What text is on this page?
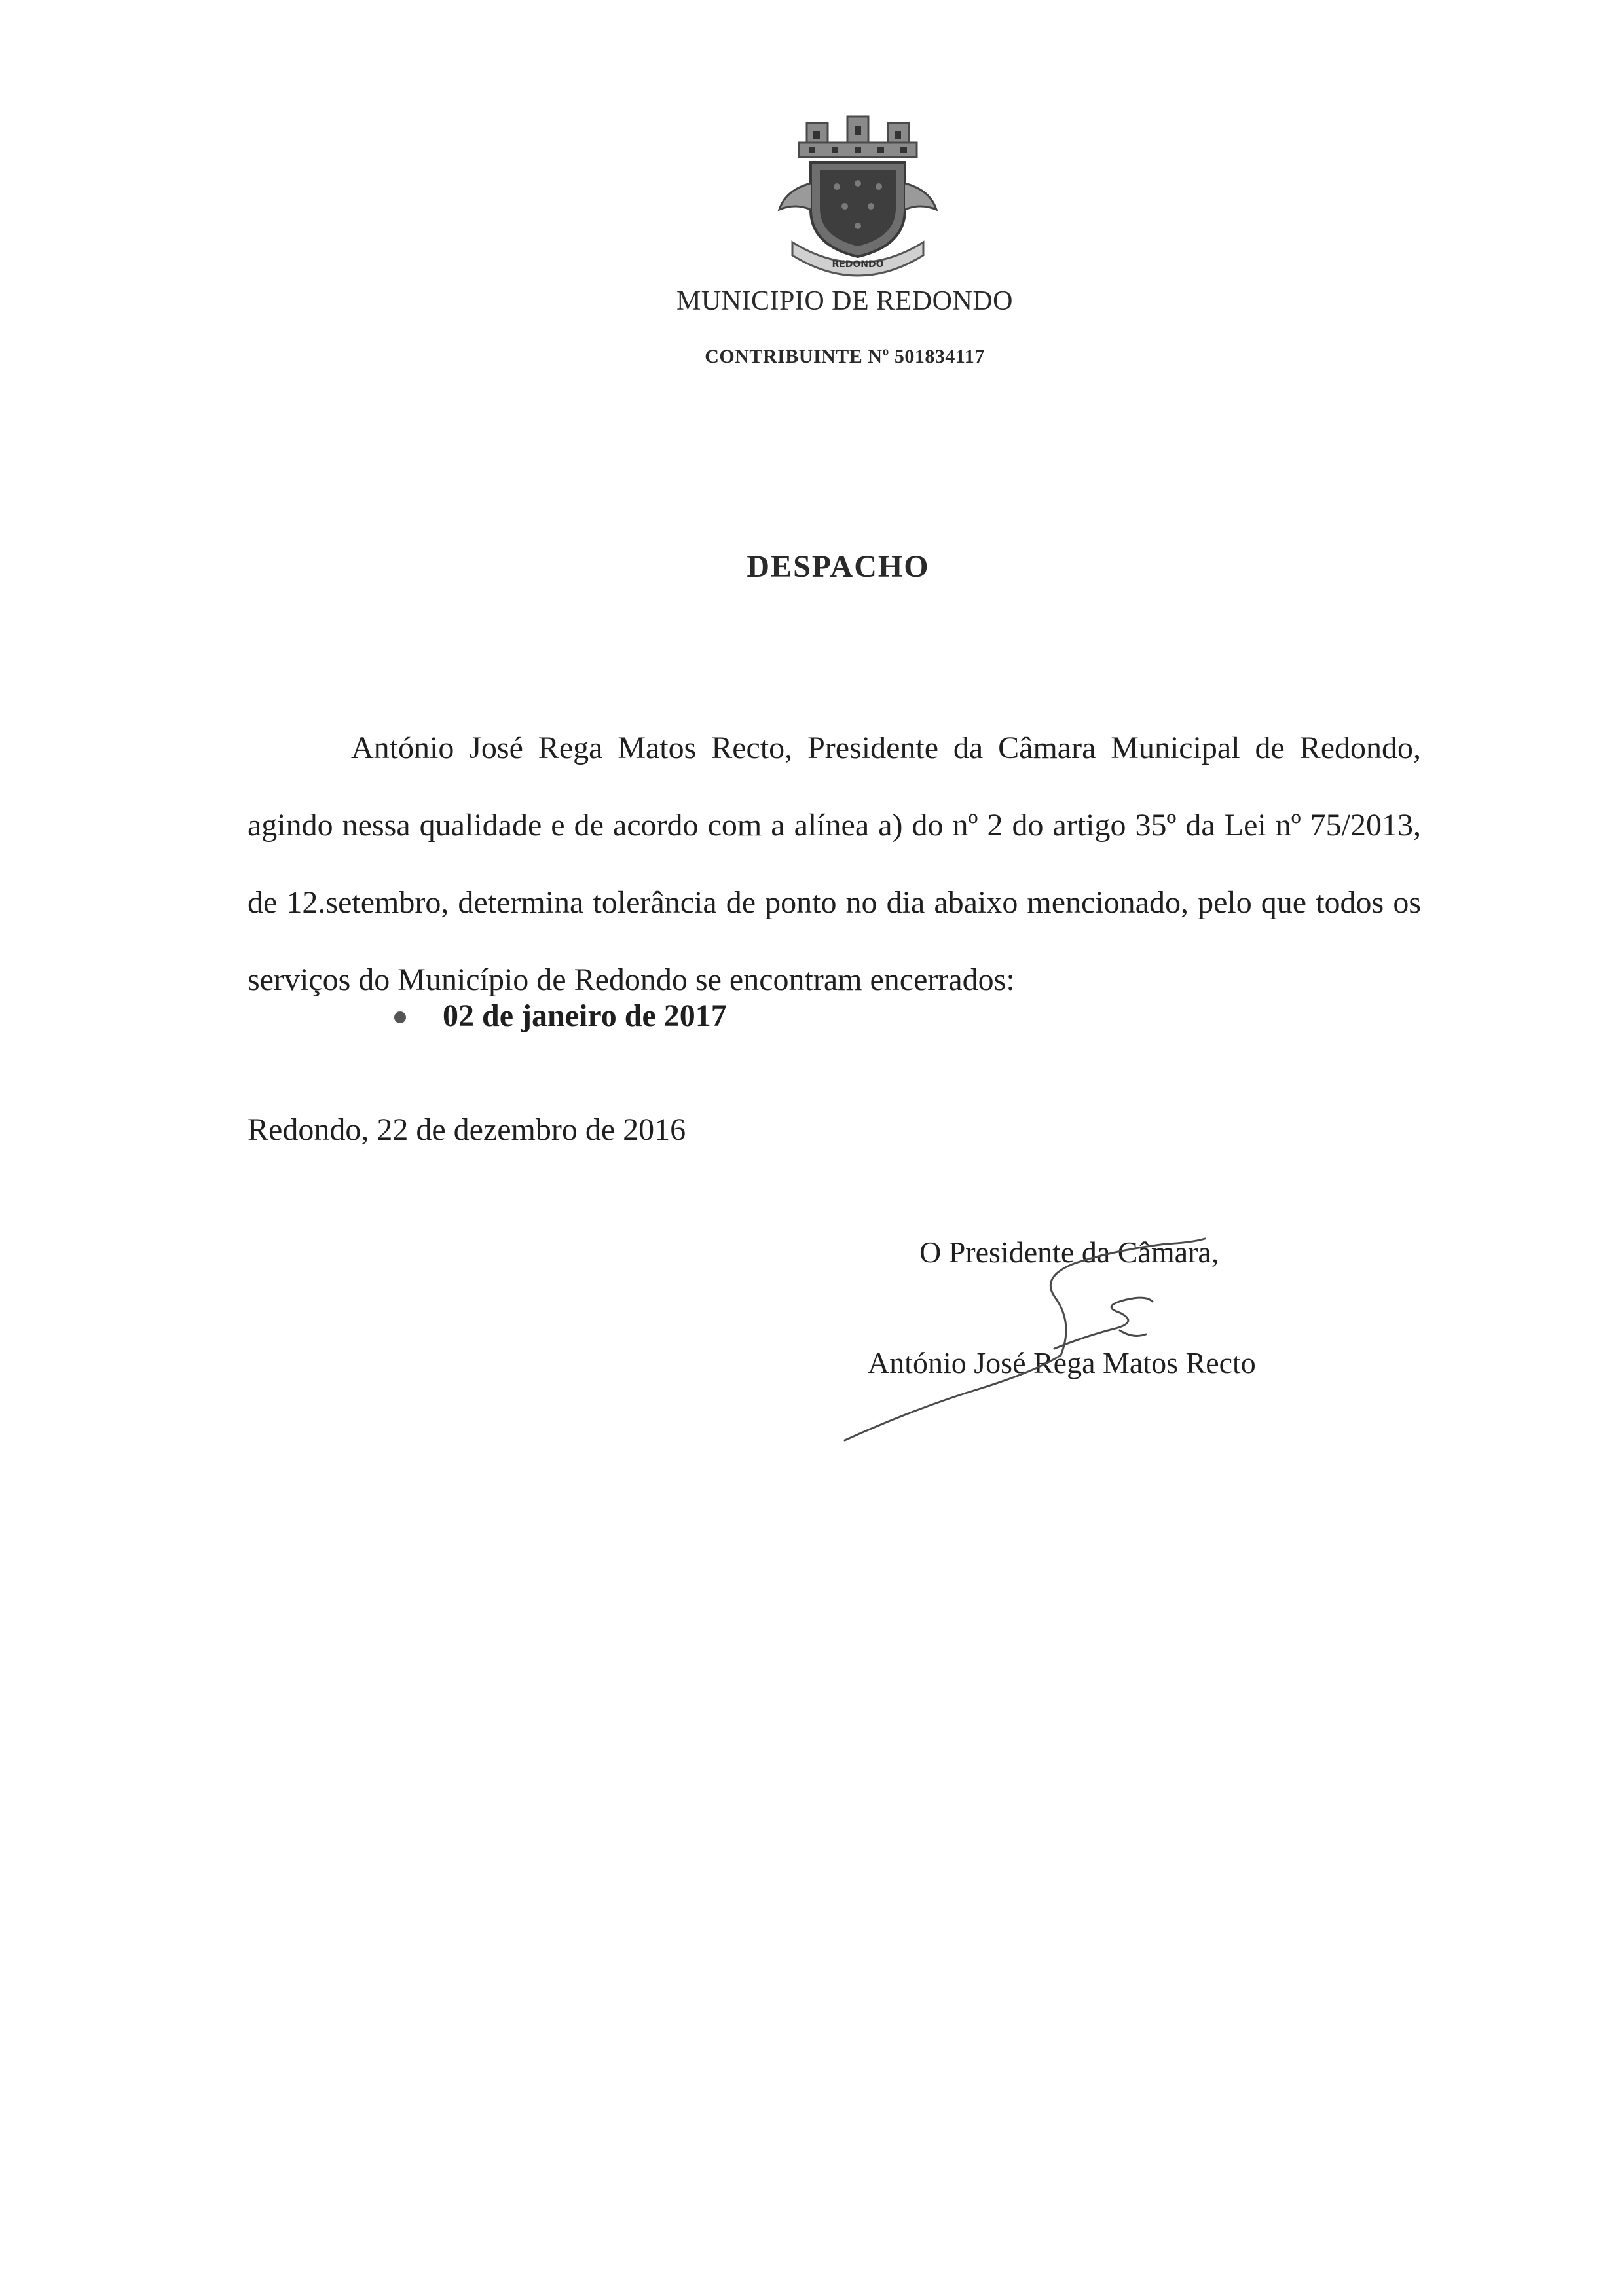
REDONDO
MUNICIPIO DE REDONDO
CONTRIBUINTE Nº 501834117
DESPACHO
António José Rega Matos Recto, Presidente da Câmara Municipal de Redondo, agindo nessa qualidade e de acordo com a alínea a) do nº 2 do artigo 35º da Lei nº 75/2013, de 12.setembro, determina tolerância de ponto no dia abaixo mencionado, pelo que todos os serviços do Município de Redondo se encontram encerrados:
02 de janeiro de 2017
Redondo, 22 de dezembro de 2016
O Presidente da Câmara,
António José Rega Matos Recto
